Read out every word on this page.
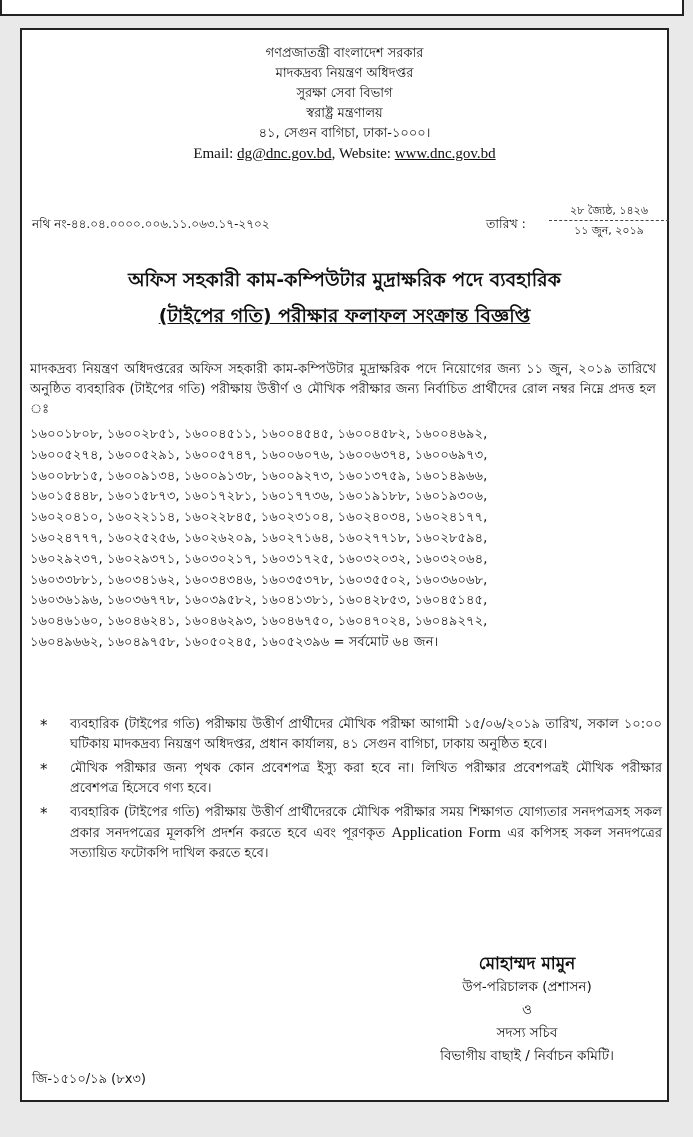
গণপ্রজাতন্ত্রী বাংলাদেশ সরকার
মাদকদ্রব্য নিয়ন্ত্রণ অধিদপ্তর
সুরক্ষা সেবা বিভাগ
স্বরাষ্ট্র মন্ত্রণালয়
৪১, সেগুন বাগিচা, ঢাকা-১০০০।
Email: dg@dnc.gov.bd, Website: www.dnc.gov.bd
নথি নং-৪৪.০৪.০০০০.০০৬.১১.০৬৩.১৭-২৭০২	তারিখ :
২৮ জ্যৈষ্ঠ, ১৪২৬
১১ জুন, ২০১৯
অফিস সহকারী কাম-কম্পিউটার মুদ্রাক্ষরিক পদে ব্যবহারিক
(টাইপের গতি) পরীক্ষার ফলাফল সংক্রান্ত বিজ্ঞপ্তি
মাদকদ্রব্য নিয়ন্ত্রণ অধিদপ্তরের অফিস সহকারী কাম-কম্পিউটার মুদ্রাক্ষরিক পদে নিয়োগের জন্য ১১ জুন, ২০১৯ তারিখে অনুষ্ঠিত ব্যবহারিক (টাইপের গতি) পরীক্ষায় উত্তীর্ণ ও মৌখিক পরীক্ষার জন্য নির্বাচিত প্রার্থীদের রোল নম্বর নিম্নে প্রদত্ত হল ঃ
১৬০০১৮০৮, ১৬০০২৮৫১, ১৬০০৪৫১১, ১৬০০৪৫৪৫, ১৬০০৪৫৮২, ১৬০০৪৬৯২,
১৬০০৫২৭৪, ১৬০০৫২৯১, ১৬০০৫৭৪৭, ১৬০০৬০৭৬, ১৬০০৬৩৭৪, ১৬০০৬৯৭৩,
১৬০০৮৮১৫, ১৬০০৯১৩৪, ১৬০০৯১৩৮, ১৬০০৯২৭৩, ১৬০১৩৭৫৯, ১৬০১৪৯৬৬,
১৬০১৫৪৪৮, ১৬০১৫৮৭৩, ১৬০১৭২৮১, ১৬০১৭৭৩৬, ১৬০১৯১৮৮, ১৬০১৯৩০৬,
১৬০২০৪১০, ১৬০২২১১৪, ১৬০২২৮৪৫, ১৬০২৩১০৪, ১৬০২৪০৩৪, ১৬০২৪১৭৭,
১৬০২৪৭৭৭, ১৬০২৫২৫৬, ১৬০২৬২০৯, ১৬০২৭১৬৪, ১৬০২৭৭১৮, ১৬০২৮৫৯৪,
১৬০২৯২৩৭, ১৬০২৯৩৭১, ১৬০৩০২১৭, ১৬০৩১৭২৫, ১৬০৩২০৩২, ১৬০৩২০৬৪,
১৬০৩৩৮৮১, ১৬০৩৪১৬২, ১৬০৩৪৩৪৬, ১৬০৩৫৩৭৮, ১৬০৩৫৫০২, ১৬০৩৬০৬৮,
১৬০৩৬১৯৬, ১৬০৩৬৭৭৮, ১৬০৩৯৫৮২, ১৬০৪১৩৮১, ১৬০৪২৮৫৩, ১৬০৪৫১৪৫,
১৬০৪৬১৬০, ১৬০৪৬২৪১, ১৬০৪৬২৯৩, ১৬০৪৬৭৫০, ১৬০৪৭০২৪, ১৬০৪৯২৭২,
১৬০৪৯৬৬২, ১৬০৪৯৭৫৮, ১৬০৫০২৪৫, ১৬০৫২৩৯৬ = সর্বমোট ৬৪ জন।
* ব্যবহারিক (টাইপের গতি) পরীক্ষায় উত্তীর্ণ প্রার্থীদের মৌখিক পরীক্ষা আগামী ১৫/০৬/২০১৯ তারিখ, সকাল ১০:০০ ঘটিকায় মাদকদ্রব্য নিয়ন্ত্রণ অধিদপ্তর, প্রধান কার্যালয়, ৪১ সেগুন বাগিচা, ঢাকায় অনুষ্ঠিত হবে।
* মৌখিক পরীক্ষার জন্য পৃথক কোন প্রবেশপত্র ইস্যু করা হবে না। লিখিত পরীক্ষার প্রবেশপত্রই মৌখিক পরীক্ষার প্রবেশপত্র হিসেবে গণ্য হবে।
* ব্যবহারিক (টাইপের গতি) পরীক্ষায় উত্তীর্ণ প্রার্থীদেরকে মৌখিক পরীক্ষার সময় শিক্ষাগত যোগ্যতার সনদপত্রসহ সকল প্রকার সনদপত্রের মূলকপি প্রদর্শন করতে হবে এবং পূরণকৃত Application Form এর কপিসহ সকল সনদপত্রের সত্যায়িত ফটোকপি দাখিল করতে হবে।
মোহাম্মদ মামুন
উপ-পরিচালক (প্রশাসন)
ও
সদস্য সচিব
বিভাগীয় বাছাই / নির্বাচন কমিটি।
জি-১৫১০/১৯ (৮x৩)
